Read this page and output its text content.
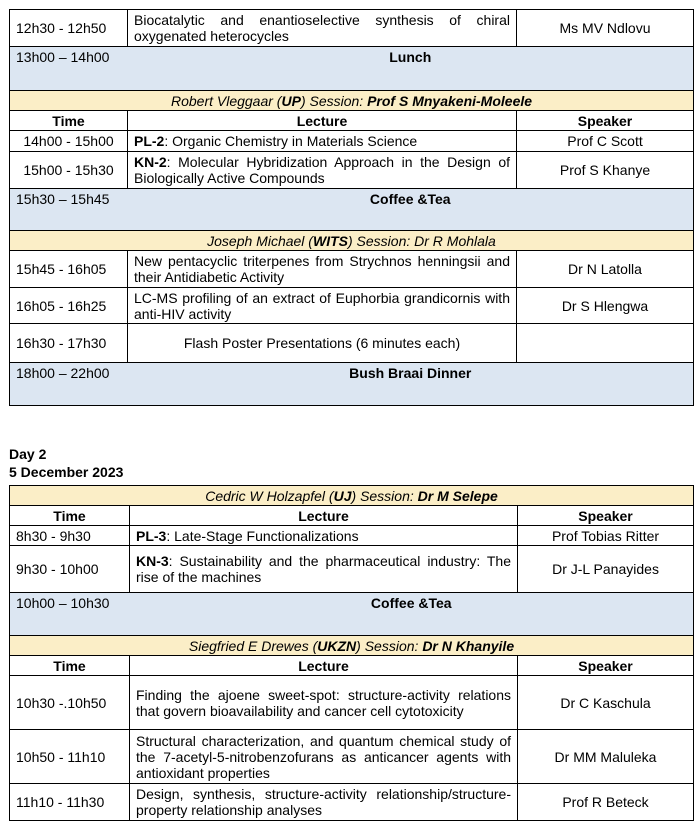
12h30 - 12h50	Biocatalytic and enantioselective synthesis of chiral oxygenated heterocycles	Ms MV Ndlovu
13h00 – 14h00	Lunch	
Robert Vleggaar (UP) Session: Prof S Mnyakeni-Moleele		
Time	Lecture	Speaker
14h00 - 15h00	PL-2: Organic Chemistry in Materials Science	Prof C Scott
15h00 - 15h30	KN-2: Molecular Hybridization Approach in the Design of Biologically Active Compounds	Prof S Khanye
15h30 – 15h45	Coffee &Tea	
Joseph Michael (WITS) Session: Dr R Mohlala		
15h45 - 16h05	New pentacyclic triterpenes from Strychnos henningsii and their Antidiabetic Activity	Dr N Latolla
16h05 - 16h25	LC-MS profiling of an extract of Euphorbia grandicornis with anti-HIV activity	Dr S Hlengwa
16h30 - 17h30	Flash Poster Presentations (6 minutes each)	
18h00 – 22h00	Bush Braai Dinner	
Day 2
5 December 2023
Cedric W Holzapfel (UJ) Session: Dr M Selepe		
Time	Lecture	Speaker
8h30 - 9h30	PL-3: Late-Stage Functionalizations	Prof Tobias Ritter
9h30 - 10h00	KN-3: Sustainability and the pharmaceutical industry: The rise of the machines	Dr J-L Panayides
10h00 – 10h30	Coffee &Tea	
Siegfried E Drewes (UKZN) Session: Dr N Khanyile		
Time	Lecture	Speaker
10h30 -.10h50	Finding the ajoene sweet-spot: structure-activity relations that govern bioavailability and cancer cell cytotoxicity	Dr C Kaschula
10h50 - 11h10	Structural characterization, and quantum chemical study of the 7-acetyl-5-nitrobenzofurans as anticancer agents with antioxidant properties	Dr MM Maluleka
11h10 - 11h30	Design, synthesis, structure-activity relationship/structure-property relationship analyses	Prof R Beteck
